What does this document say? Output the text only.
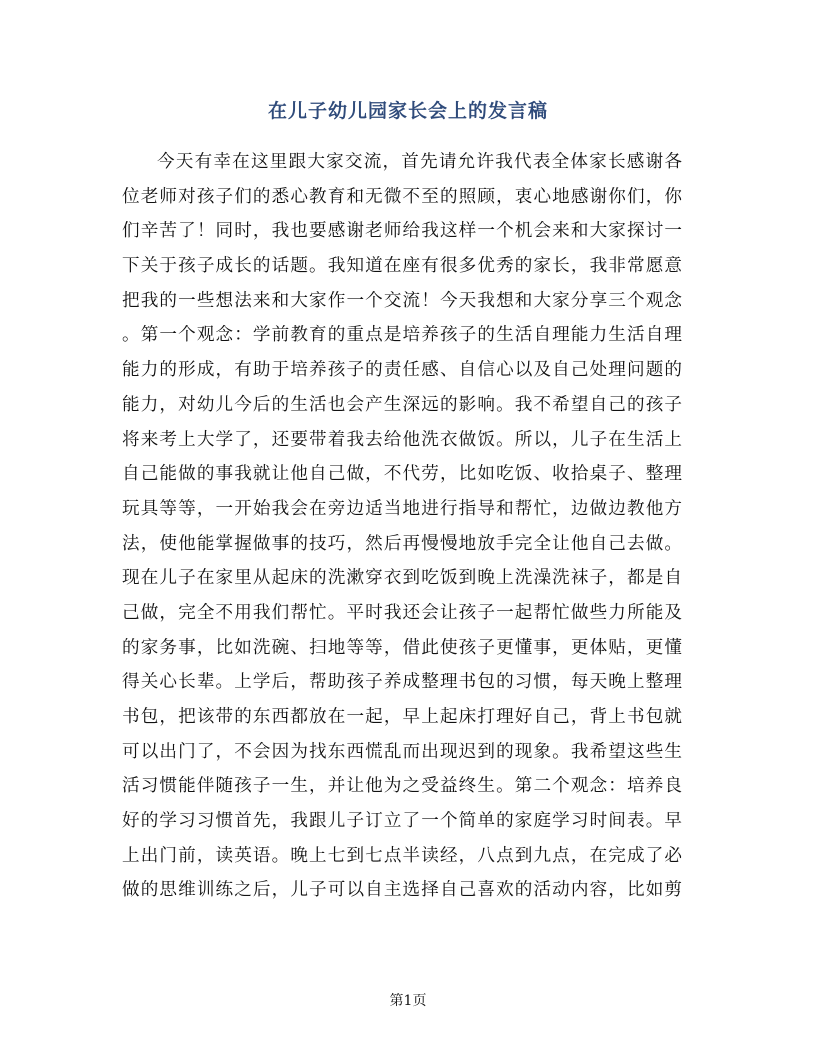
在儿子幼儿园家长会上的发言稿
今天有幸在这里跟大家交流，首先请允许我代表全体家长感谢各
位老师对孩子们的悉心教育和无微不至的照顾，衷心地感谢你们，你
们辛苦了！同时，我也要感谢老师给我这样一个机会来和大家探讨一
下关于孩子成长的话题。我知道在座有很多优秀的家长，我非常愿意
把我的一些想法来和大家作一个交流！今天我想和大家分享三个观念
。第一个观念：学前教育的重点是培养孩子的生活自理能力生活自理
能力的形成，有助于培养孩子的责任感、自信心以及自己处理问题的
能力，对幼儿今后的生活也会产生深远的影响。我不希望自己的孩子
将来考上大学了，还要带着我去给他洗衣做饭。所以，儿子在生活上
自己能做的事我就让他自己做，不代劳，比如吃饭、收拾桌子、整理
玩具等等，一开始我会在旁边适当地进行指导和帮忙，边做边教他方
法，使他能掌握做事的技巧，然后再慢慢地放手完全让他自己去做。
现在儿子在家里从起床的洗漱穿衣到吃饭到晚上洗澡洗袜子，都是自
己做，完全不用我们帮忙。平时我还会让孩子一起帮忙做些力所能及
的家务事，比如洗碗、扫地等等，借此使孩子更懂事，更体贴，更懂
得关心长辈。上学后，帮助孩子养成整理书包的习惯，每天晚上整理
书包，把该带的东西都放在一起，早上起床打理好自己，背上书包就
可以出门了，不会因为找东西慌乱而出现迟到的现象。我希望这些生
活习惯能伴随孩子一生，并让他为之受益终生。第二个观念：培养良
好的学习习惯首先，我跟儿子订立了一个简单的家庭学习时间表。早
上出门前，读英语。晚上七到七点半读经，八点到九点，在完成了必
做的思维训练之后，儿子可以自主选择自己喜欢的活动内容，比如剪
第1页
